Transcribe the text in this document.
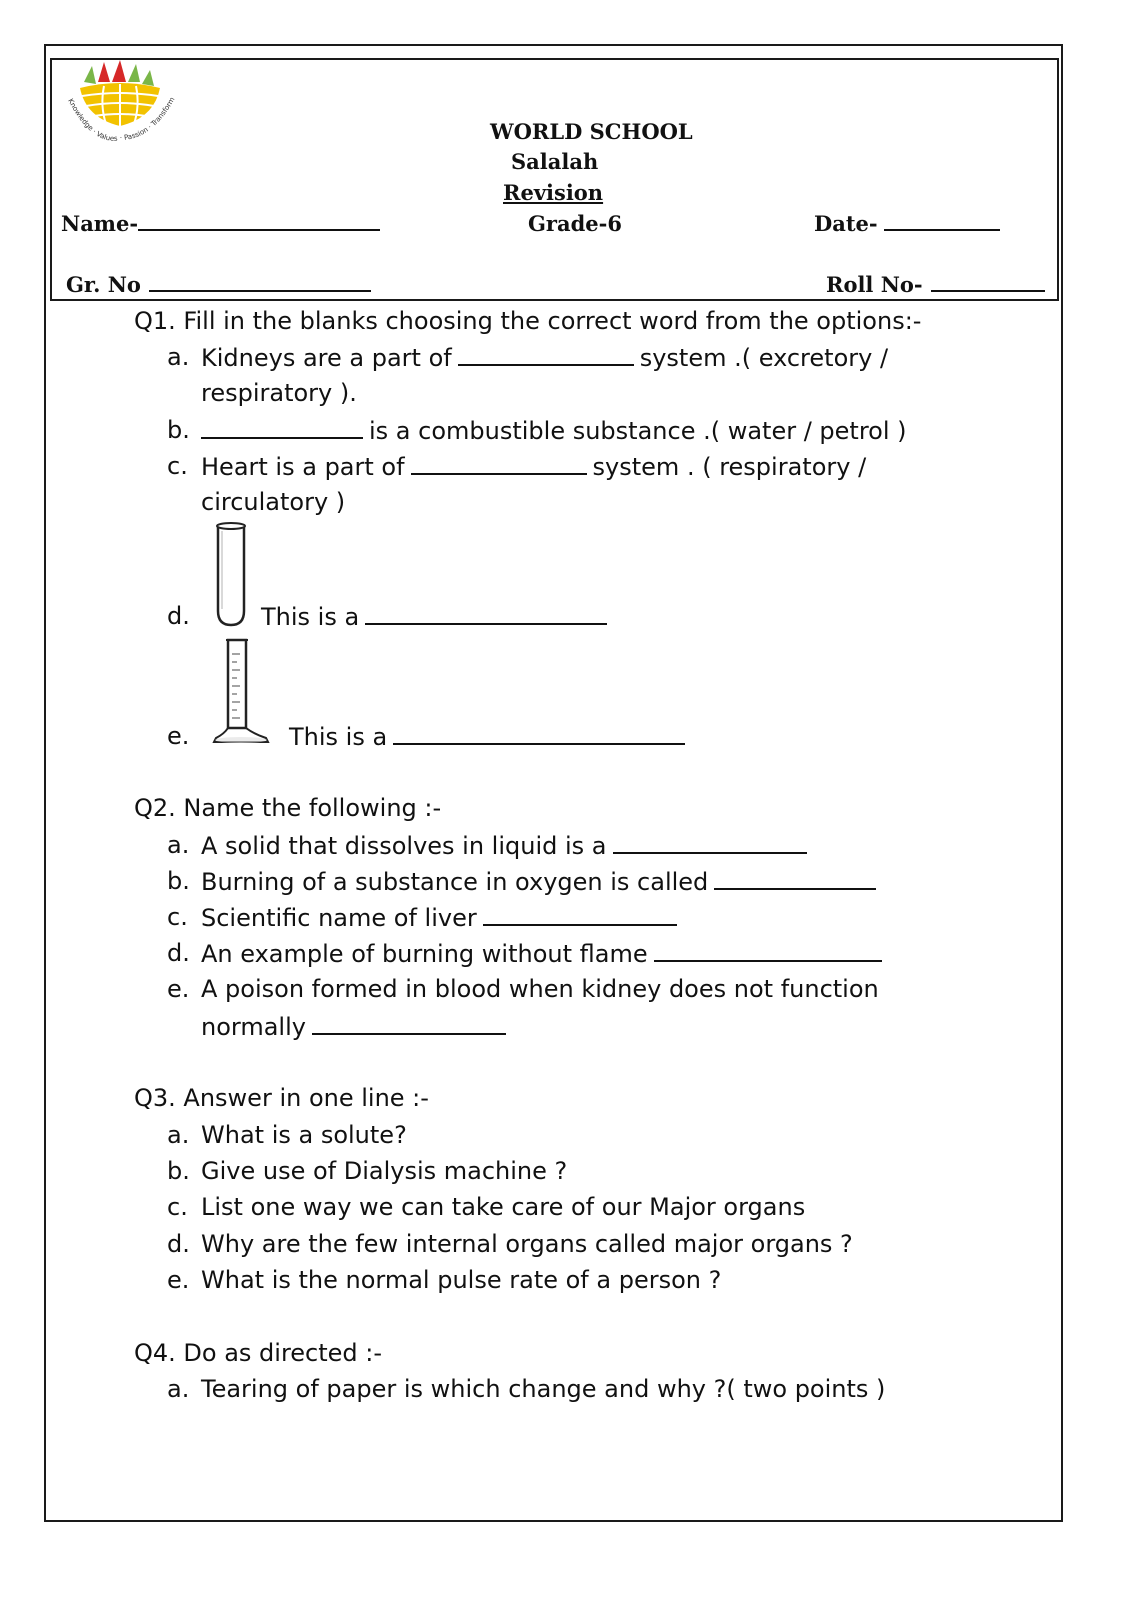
Knowledge · Values · Passion · Transform
WORLD SCHOOL
Salalah
Revision
Name-	Grade-6	Date-
Gr. No	Roll No-
Q1. Fill in the blanks choosing the correct word from the options:-
a. Kidneys are a part of	system .( excretory /
respiratory ).
b.	is a combustible substance .( water / petrol )
c. Heart is a part of	system . ( respiratory /
circulatory )
d.	This is a
e.	This is a
Q2. Name the following :-
a. A solid that dissolves in liquid is a
b. Burning of a substance in oxygen is called
c. Scientific name of liver
d. An example of burning without flame
e. A poison formed in blood when kidney does not function
normally
Q3. Answer in one line :-
a. What is a solute?
b. Give use of Dialysis machine ?
c. List one way we can take care of our Major organs
d. Why are the few internal organs called major organs ?
e. What is the normal pulse rate of a person ?
Q4. Do as directed :-
a. Tearing of paper is which change and why ?( two points )
